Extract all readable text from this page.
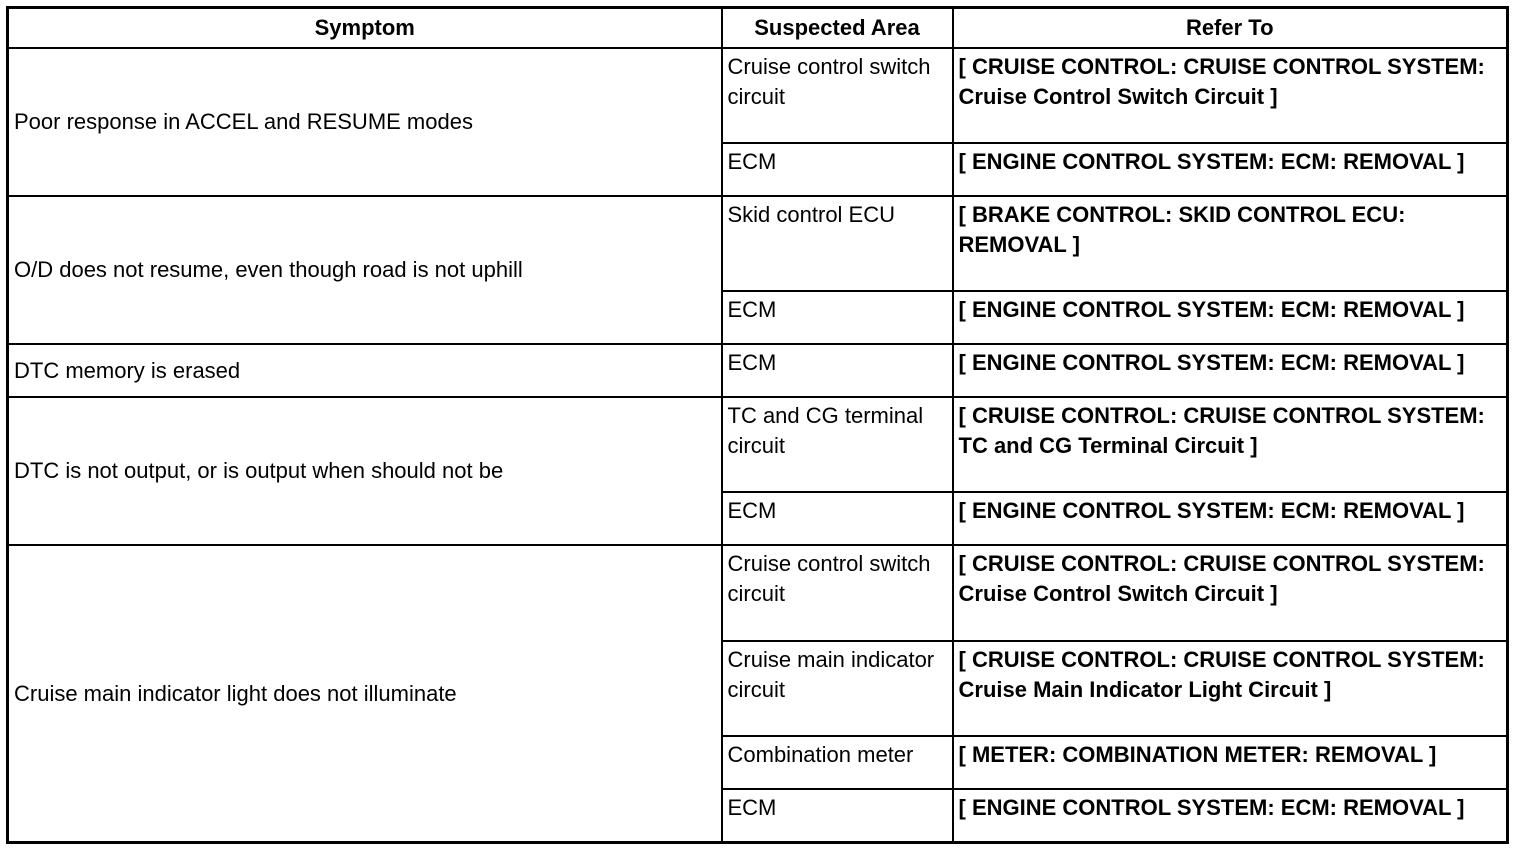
Symptom	Suspected Area	Refer To
Poor response in ACCEL and RESUME modes	Cruise control switch circuit	[ CRUISE CONTROL: CRUISE CONTROL SYSTEM: Cruise Control Switch Circuit ]
	ECM	[ ENGINE CONTROL SYSTEM: ECM: REMOVAL ]
O/D does not resume, even though road is not uphill	Skid control ECU	[ BRAKE CONTROL: SKID CONTROL ECU: REMOVAL ]
	ECM	[ ENGINE CONTROL SYSTEM: ECM: REMOVAL ]
DTC memory is erased	ECM	[ ENGINE CONTROL SYSTEM: ECM: REMOVAL ]
DTC is not output, or is output when should not be	TC and CG terminal circuit	[ CRUISE CONTROL: CRUISE CONTROL SYSTEM: TC and CG Terminal Circuit ]
	ECM	[ ENGINE CONTROL SYSTEM: ECM: REMOVAL ]
Cruise main indicator light does not illuminate	Cruise control switch circuit	[ CRUISE CONTROL: CRUISE CONTROL SYSTEM: Cruise Control Switch Circuit ]
	Cruise main indicator circuit	[ CRUISE CONTROL: CRUISE CONTROL SYSTEM: Cruise Main Indicator Light Circuit ]
	Combination meter	[ METER: COMBINATION METER: REMOVAL ]
	ECM	[ ENGINE CONTROL SYSTEM: ECM: REMOVAL ]
